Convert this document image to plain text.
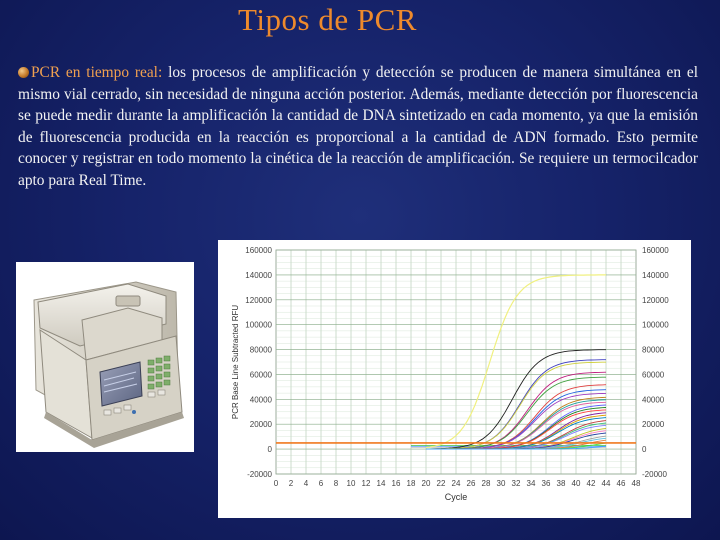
Tipos de PCR
PCR en tiempo real: los procesos de amplificación y detección se producen de manera simultánea en el mismo vial cerrado, sin necesidad de ninguna acción posterior. Además, mediante detección por fluorescencia se puede medir durante la amplificación la cantidad de DNA sintetizado en cada momento, ya que la emisión de fluorescencia producida en la reacción es proporcional a la cantidad de ADN formado. Esto permite conocer y registrar en todo momento la cinética de la reacción de amplificación. Se requiere un termocilcador apto para Real Time.
0 2 4 6 8 10 12 14 16 18 20 22 24 26 28 30 32 34 36 38 40 42 44 46 48
-20000	-20000
0	0
20000	20000
40000	40000
60000	60000
80000	80000
100000	100000
120000	120000
140000	140000
160000	160000
Cycle
PCR Base Line Subtracted RFU
